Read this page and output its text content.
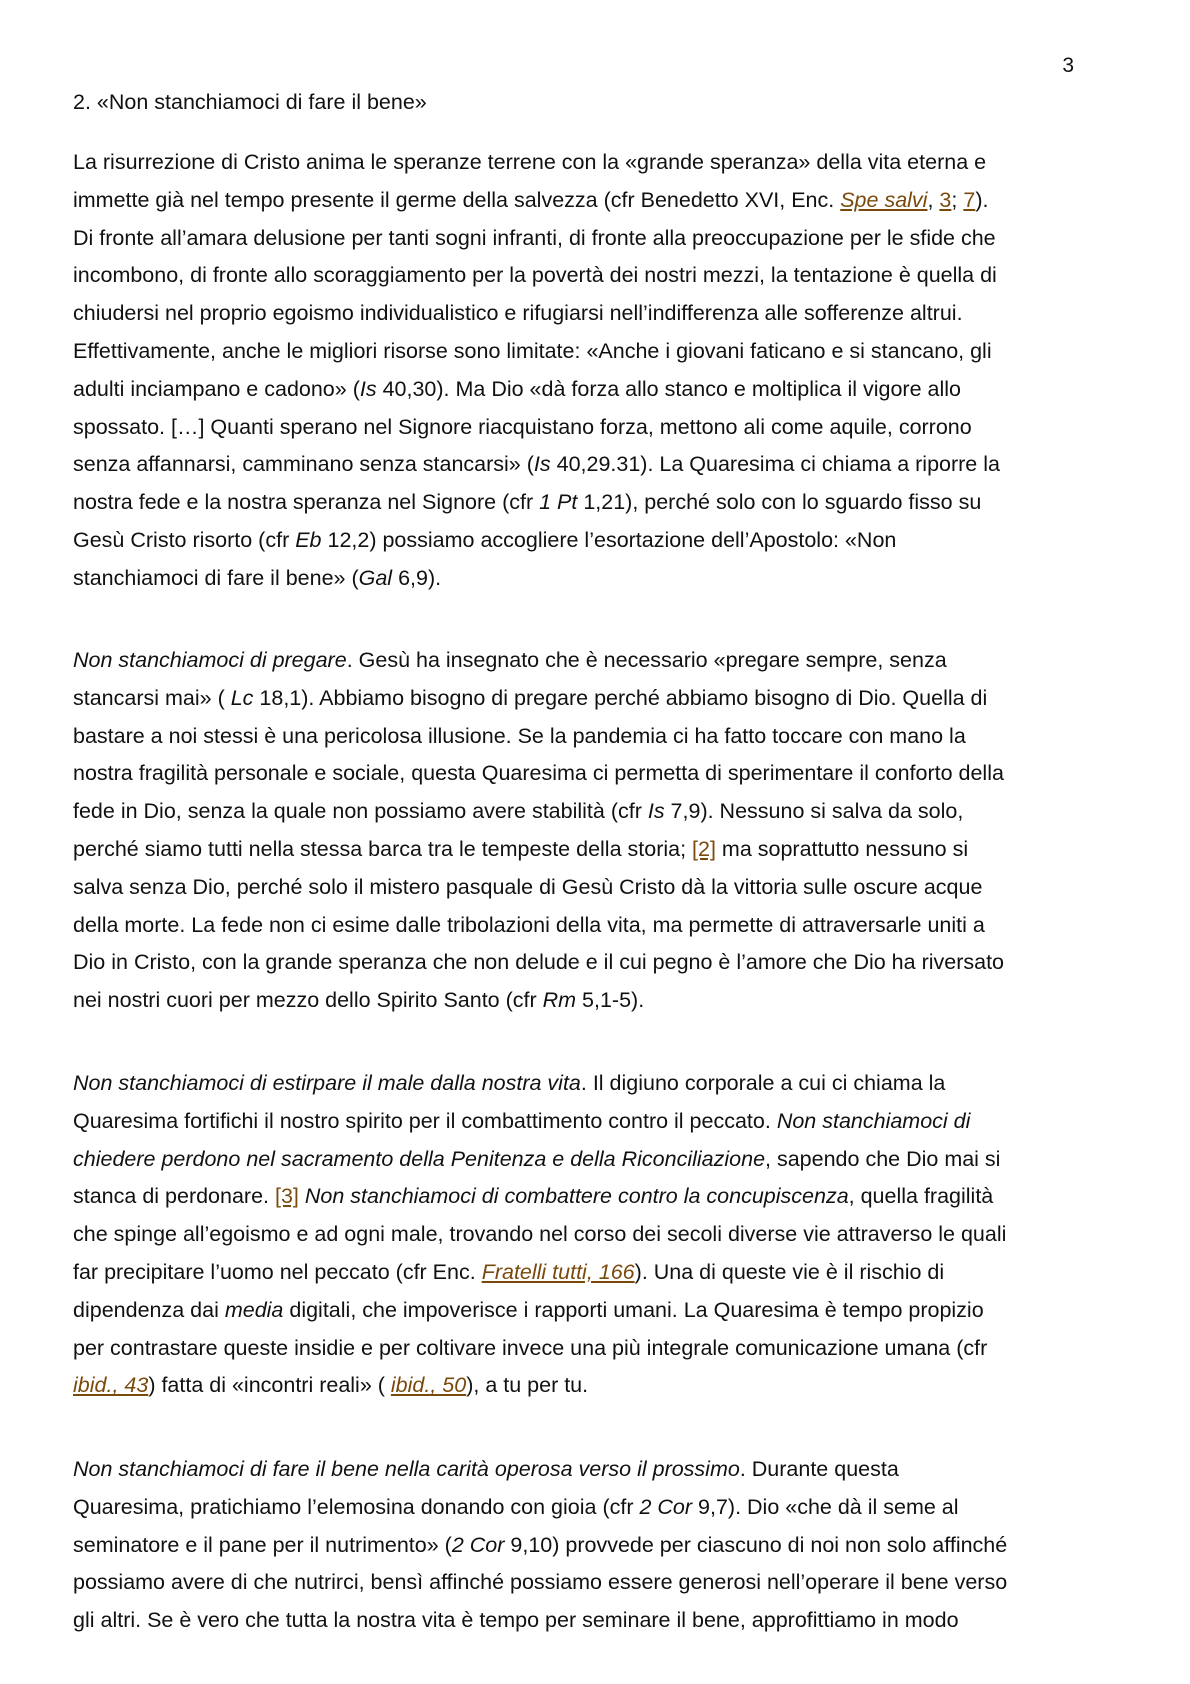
3
2. «Non stanchiamoci di fare il bene»

La risurrezione di Cristo anima le speranze terrene con la «grande speranza» della vita eterna e
immette già nel tempo presente il germe della salvezza (cfr Benedetto XVI, Enc. Spe salvi, 3; 7).
Di fronte all’amara delusione per tanti sogni infranti, di fronte alla preoccupazione per le sfide che
incombono, di fronte allo scoraggiamento per la povertà dei nostri mezzi, la tentazione è quella di
chiudersi nel proprio egoismo individualistico e rifugiarsi nell’indifferenza alle sofferenze altrui.
Effettivamente, anche le migliori risorse sono limitate: «Anche i giovani faticano e si stancano, gli
adulti inciampano e cadono» (Is 40,30). Ma Dio «dà forza allo stanco e moltiplica il vigore allo
spossato. […] Quanti sperano nel Signore riacquistano forza, mettono ali come aquile, corrono
senza affannarsi, camminano senza stancarsi» (Is 40,29.31). La Quaresima ci chiama a riporre la
nostra fede e la nostra speranza nel Signore (cfr 1 Pt 1,21), perché solo con lo sguardo fisso su
Gesù Cristo risorto (cfr Eb 12,2) possiamo accogliere l’esortazione dell’Apostolo: «Non
stanchiamoci di fare il bene» (Gal 6,9).

Non stanchiamoci di pregare. Gesù ha insegnato che è necessario «pregare sempre, senza
stancarsi mai» ( Lc 18,1). Abbiamo bisogno di pregare perché abbiamo bisogno di Dio. Quella di
bastare a noi stessi è una pericolosa illusione. Se la pandemia ci ha fatto toccare con mano la
nostra fragilità personale e sociale, questa Quaresima ci permetta di sperimentare il conforto della
fede in Dio, senza la quale non possiamo avere stabilità (cfr Is 7,9). Nessuno si salva da solo,
perché siamo tutti nella stessa barca tra le tempeste della storia; [2] ma soprattutto nessuno si
salva senza Dio, perché solo il mistero pasquale di Gesù Cristo dà la vittoria sulle oscure acque
della morte. La fede non ci esime dalle tribolazioni della vita, ma permette di attraversarle uniti a
Dio in Cristo, con la grande speranza che non delude e il cui pegno è l’amore che Dio ha riversato
nei nostri cuori per mezzo dello Spirito Santo (cfr Rm 5,1-5).

Non stanchiamoci di estirpare il male dalla nostra vita. Il digiuno corporale a cui ci chiama la
Quaresima fortifichi il nostro spirito per il combattimento contro il peccato. Non stanchiamoci di
chiedere perdono nel sacramento della Penitenza e della Riconciliazione, sapendo che Dio mai si
stanca di perdonare. [3] Non stanchiamoci di combattere contro la concupiscenza, quella fragilità
che spinge all’egoismo e ad ogni male, trovando nel corso dei secoli diverse vie attraverso le quali
far precipitare l’uomo nel peccato (cfr Enc. Fratelli tutti, 166). Una di queste vie è il rischio di
dipendenza dai media digitali, che impoverisce i rapporti umani. La Quaresima è tempo propizio
per contrastare queste insidie e per coltivare invece una più integrale comunicazione umana (cfr
ibid., 43) fatta di «incontri reali» ( ibid., 50), a tu per tu.

Non stanchiamoci di fare il bene nella carità operosa verso il prossimo. Durante questa
Quaresima, pratichiamo l’elemosina donando con gioia (cfr 2 Cor 9,7). Dio «che dà il seme al
seminatore e il pane per il nutrimento» (2 Cor 9,10) provvede per ciascuno di noi non solo affinché
possiamo avere di che nutrirci, bensì affinché possiamo essere generosi nell’operare il bene verso
gli altri. Se è vero che tutta la nostra vita è tempo per seminare il bene, approfittiamo in modo
